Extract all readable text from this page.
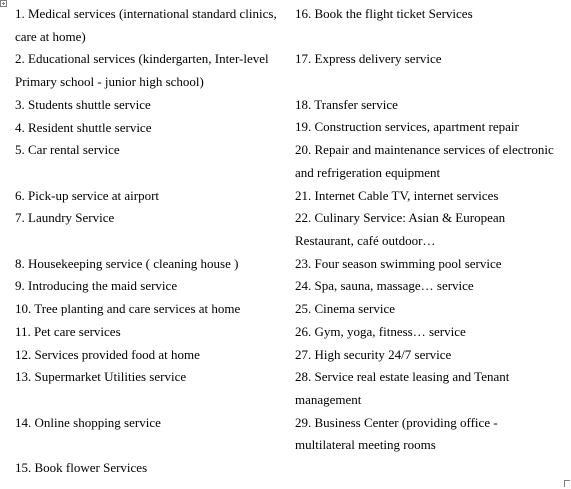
1. Medical services (international standard clinics,
care at home)
2. Educational services (kindergarten, Inter-level
Primary school - junior high school)
3. Students shuttle service
4. Resident shuttle service
5. Car rental service
6. Pick-up service at airport
7. Laundry Service
8. Housekeeping service ( cleaning house )
9. Introducing the maid service
10. Tree planting and care services at home
11. Pet care services
12. Services provided food at home
13. Supermarket Utilities service
14. Online shopping service
15. Book flower Services
16. Book the flight ticket Services
17. Express delivery service
18. Transfer service
19. Construction services, apartment repair
20. Repair and maintenance services of electronic
and refrigeration equipment
21. Internet Cable TV, internet services
22. Culinary Service: Asian & European
Restaurant, café outdoor…
23. Four season swimming pool service
24. Spa, sauna, massage… service
25. Cinema service
26. Gym, yoga, fitness… service
27. High security 24/7 service
28. Service real estate leasing and Tenant
management
29. Business Center (providing office -
multilateral meeting rooms
